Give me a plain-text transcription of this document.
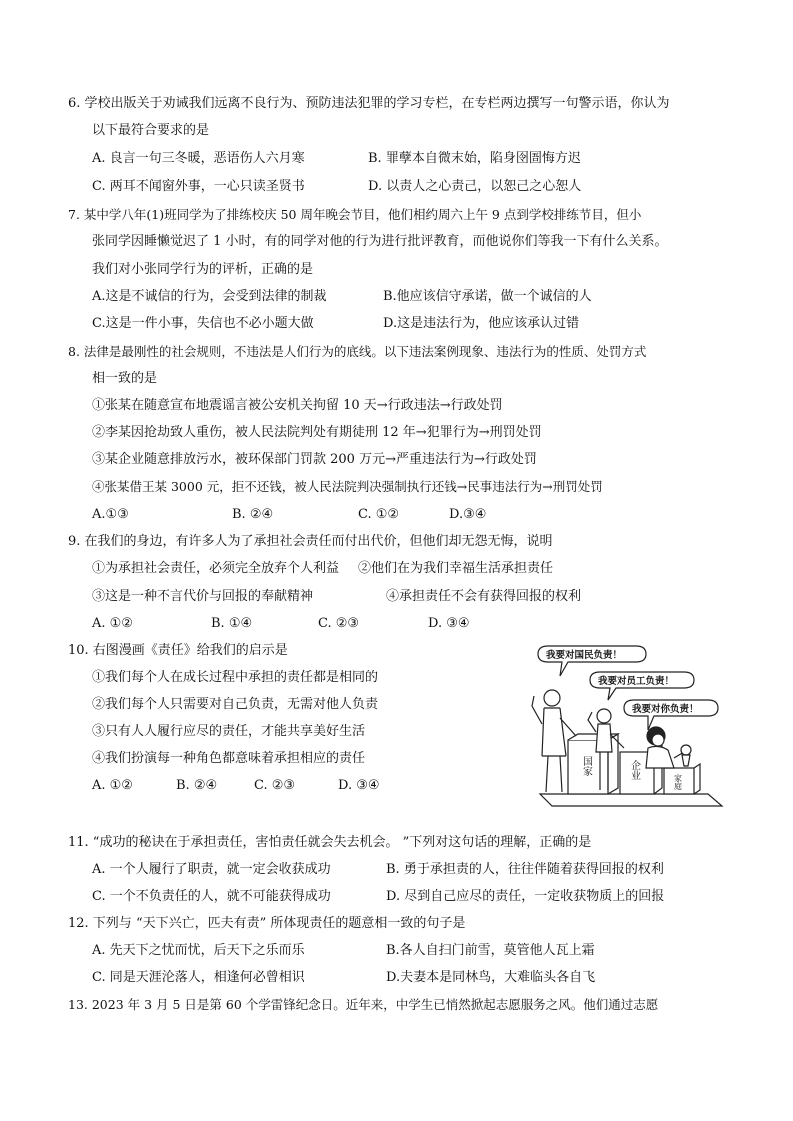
6. 学校出版关于劝诫我们远离不良行为、预防违法犯罪的学习专栏，在专栏两边撰写一句警示语，你认为
以下最符合要求的是
A. 良言一句三冬暖，恶语伤人六月寒	B. 罪孽本自微末始，陷身囹圄悔方迟
C. 两耳不闻窗外事，一心只读圣贤书	D. 以责人之心责己，以恕己之心恕人
7. 某中学八年(1)班同学为了排练校庆 50 周年晚会节目，他们相约周六上午 9 点到学校排练节目，但小
张同学因睡懒觉迟了 1 小时，有的同学对他的行为进行批评教育，而他说你们等我一下有什么关系。
我们对小张同学行为的评析，正确的是
A.这是不诚信的行为，会受到法律的制裁	B.他应该信守承诺，做一个诚信的人
C.这是一件小事，失信也不必小题大做	D.这是违法行为，他应该承认过错
8. 法律是最刚性的社会规则，不违法是人们行为的底线。以下违法案例现象、违法行为的性质、处罚方式
相一致的是
①张某在随意宣布地震谣言被公安机关拘留 10 天→行政违法→行政处罚
②李某因抢劫致人重伤，被人民法院判处有期徒刑 12 年→犯罪行为→刑罚处罚
③某企业随意排放污水，被环保部门罚款 200 万元→严重违法行为→行政处罚
④张某借王某 3000 元，拒不还钱，被人民法院判决强制执行还钱→民事违法行为→刑罚处罚
A.①③	B. ②④	C. ①②	D.③④
9. 在我们的身边，有许多人为了承担社会责任而付出代价，但他们却无怨无悔，说明
①为承担社会责任，必须完全放弃个人利益 ②他们在为我们幸福生活承担责任
③这是一种不言代价与回报的奉献精神	④承担责任不会有获得回报的权利
A. ①②	B. ①④	C. ②③	D. ③④
10. 右图漫画《责任》给我们的启示是
①我们每个人在成长过程中承担的责任都是相同的
②我们每个人只需要对自己负责，无需对他人负责
③只有人人履行应尽的责任，才能共享美好生活
④我们扮演每一种角色都意味着承担相应的责任
A. ①②	B. ②④	C. ②③	D. ③④
我要对国民负责！
我要对员工负责！
我要对你负责！
国家	企业
家庭
11. “成功的秘诀在于承担责任，害怕责任就会失去机会。 ”下列对这句话的理解，正确的是
A. 一个人履行了职责，就一定会收获成功	B. 勇于承担责的人，往往伴随着获得回报的权利
C. 一个不负责任的人，就不可能获得成功	D. 尽到自己应尽的责任，一定收获物质上的回报
12. 下列与 “天下兴亡，匹夫有责” 所体现责任的题意相一致的句子是
A. 先天下之忧而忧，后天下之乐而乐	B.各人自扫门前雪，莫管他人瓦上霜
C. 同是天涯沦落人，相逢何必曾相识	D.夫妻本是同林鸟，大难临头各自飞
13. 2023 年 3 月 5 日是第 60 个学雷锋纪念日。近年来，中学生已悄然掀起志愿服务之风。他们通过志愿
